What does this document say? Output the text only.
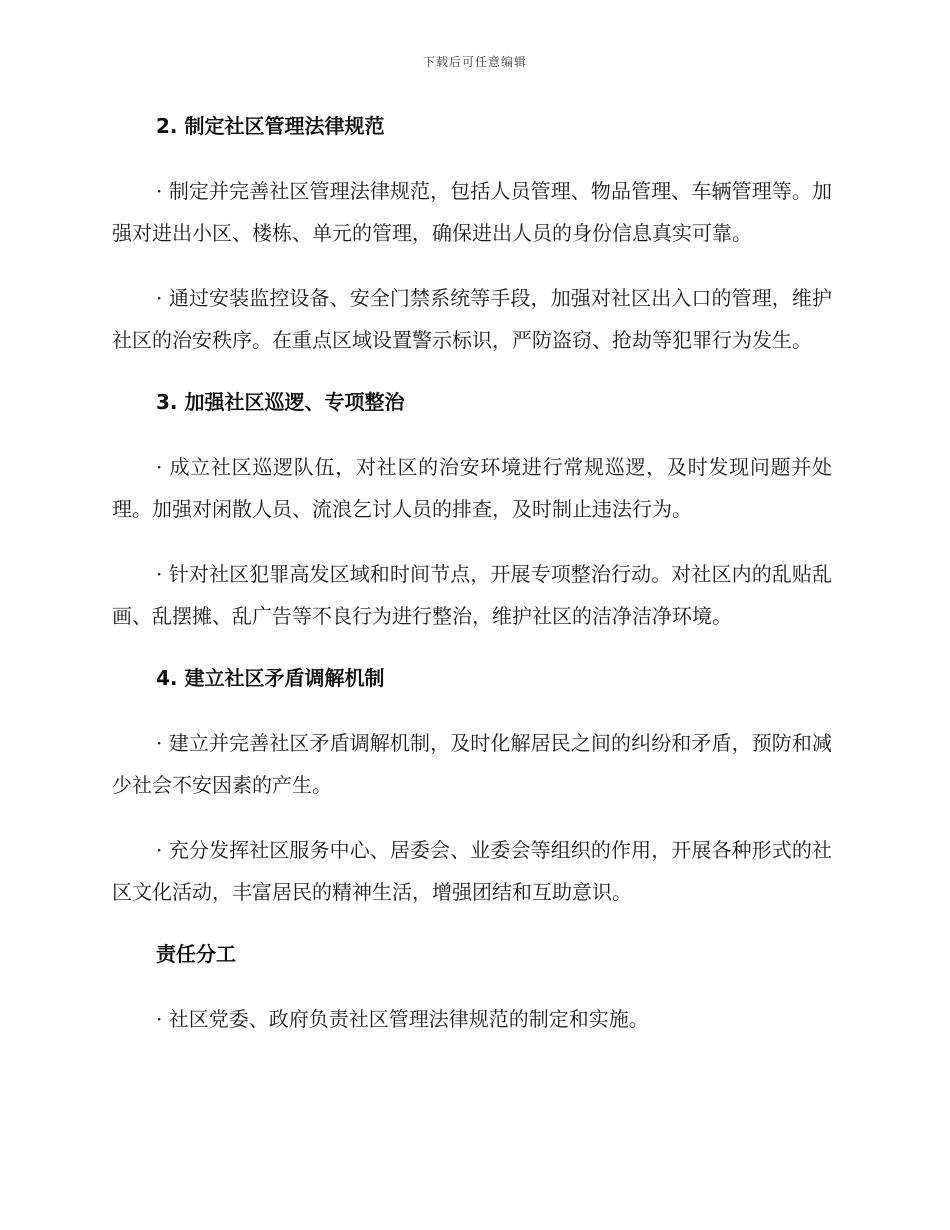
下载后可任意编辑
2. 制定社区管理法律规范

· 制定并完善社区管理法律规范，包括人员管理、物品管理、车辆管理等。加强对进出小区、楼栋、单元的管理，确保进出人员的身份信息真实可靠。

· 通过安装监控设备、安全门禁系统等手段，加强对社区出入口的管理，维护社区的治安秩序。在重点区域设置警示标识，严防盗窃、抢劫等犯罪行为发生。

3. 加强社区巡逻、专项整治

· 成立社区巡逻队伍，对社区的治安环境进行常规巡逻，及时发现问题并处理。加强对闲散人员、流浪乞讨人员的排查，及时制止违法行为。

· 针对社区犯罪高发区域和时间节点，开展专项整治行动。对社区内的乱贴乱画、乱摆摊、乱广告等不良行为进行整治，维护社区的洁净洁净环境。

4. 建立社区矛盾调解机制

· 建立并完善社区矛盾调解机制，及时化解居民之间的纠纷和矛盾，预防和减少社会不安因素的产生。

· 充分发挥社区服务中心、居委会、业委会等组织的作用，开展各种形式的社区文化活动，丰富居民的精神生活，增强团结和互助意识。

责任分工

· 社区党委、政府负责社区管理法律规范的制定和实施。
